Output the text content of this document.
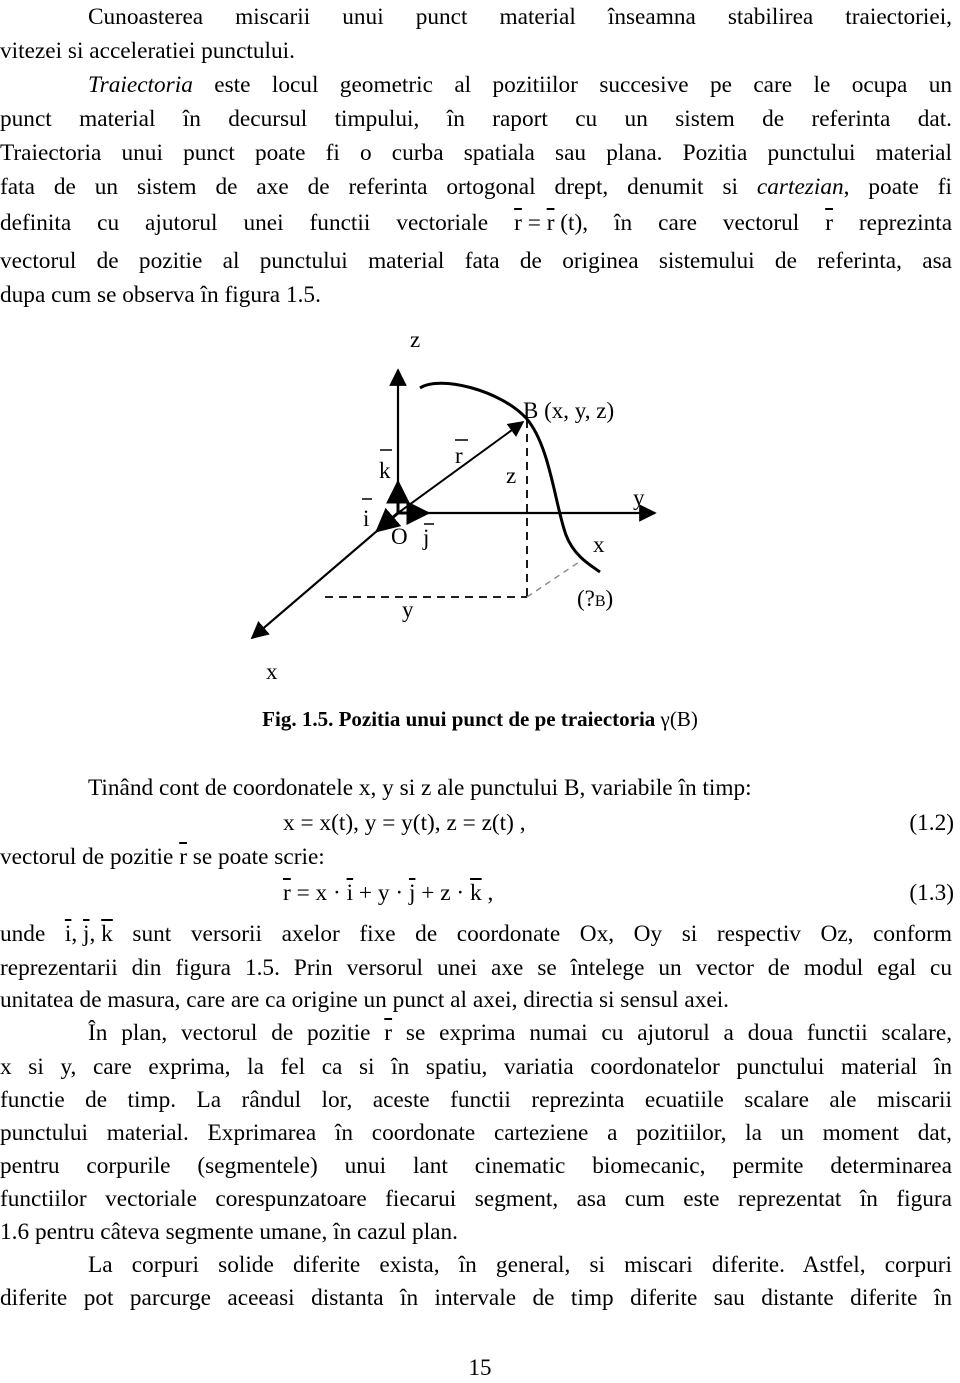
Cunoasterea miscarii unui punct material înseamna stabilirea traiectoriei,

vitezei si acceleratiei punctului.

Traiectoria este locul geometric al pozitiilor succesive pe care le ocupa un

punct material în decursul timpului, în raport cu un sistem de referinta dat.

Traiectoria unui punct poate fi o curba spatiala sau plana. Pozitia punctului material

fata de un sistem de axe de referinta ortogonal drept, denumit si cartezian, poate fi

definita cu ajutorul unei functii vectoriale $\overline{r} = \overline{r}$ (t), în care vectorul $\overline{r}$ reprezinta

vectorul de pozitie al punctului material fata de originea sistemului de referinta, asa

dupa cum se observa în figura 1.5.

z
B (x, y, z)
k
r
z
y
i
O j	x
(?B)
y
x
Fig. 1.5. Pozitia unui punct de pe traiectoria γ(B)

Tinând cont de coordonatele x, y si z ale punctului B, variabile în timp:

x = x(t), y = y(t), z = z(t) ,	(1.2)

vectorul de pozitie $\overline{r}$ se poate scrie:

$\overline{r} = x \cdot \overline{i} + y \cdot \overline{j} + z \cdot \overline{k}$ ,	(1.3)

unde $\overline{i}$, $\overline{j}$, $\overline{k}$ sunt versorii axelor fixe de coordonate Ox, Oy si respectiv Oz, conform

reprezentarii din figura 1.5. Prin versorul unei axe se întelege un vector de modul egal cu

unitatea de masura, care are ca origine un punct al axei, directia si sensul axei.

În plan, vectorul de pozitie $\overline{r}$ se exprima numai cu ajutorul a doua functii scalare,

x si y, care exprima, la fel ca si în spatiu, variatia coordonatelor punctului material în

functie de timp. La rândul lor, aceste functii reprezinta ecuatiile scalare ale miscarii

punctului material. Exprimarea în coordonate carteziene a pozitiilor, la un moment dat,

pentru corpurile (segmentele) unui lant cinematic biomecanic, permite determinarea

functiilor vectoriale corespunzatoare fiecarui segment, asa cum este reprezentat în figura

1.6 pentru câteva segmente umane, în cazul plan.

La corpuri solide diferite exista, în general, si miscari diferite. Astfel, corpuri

diferite pot parcurge aceeasi distanta în intervale de timp diferite sau distante diferite în

15
